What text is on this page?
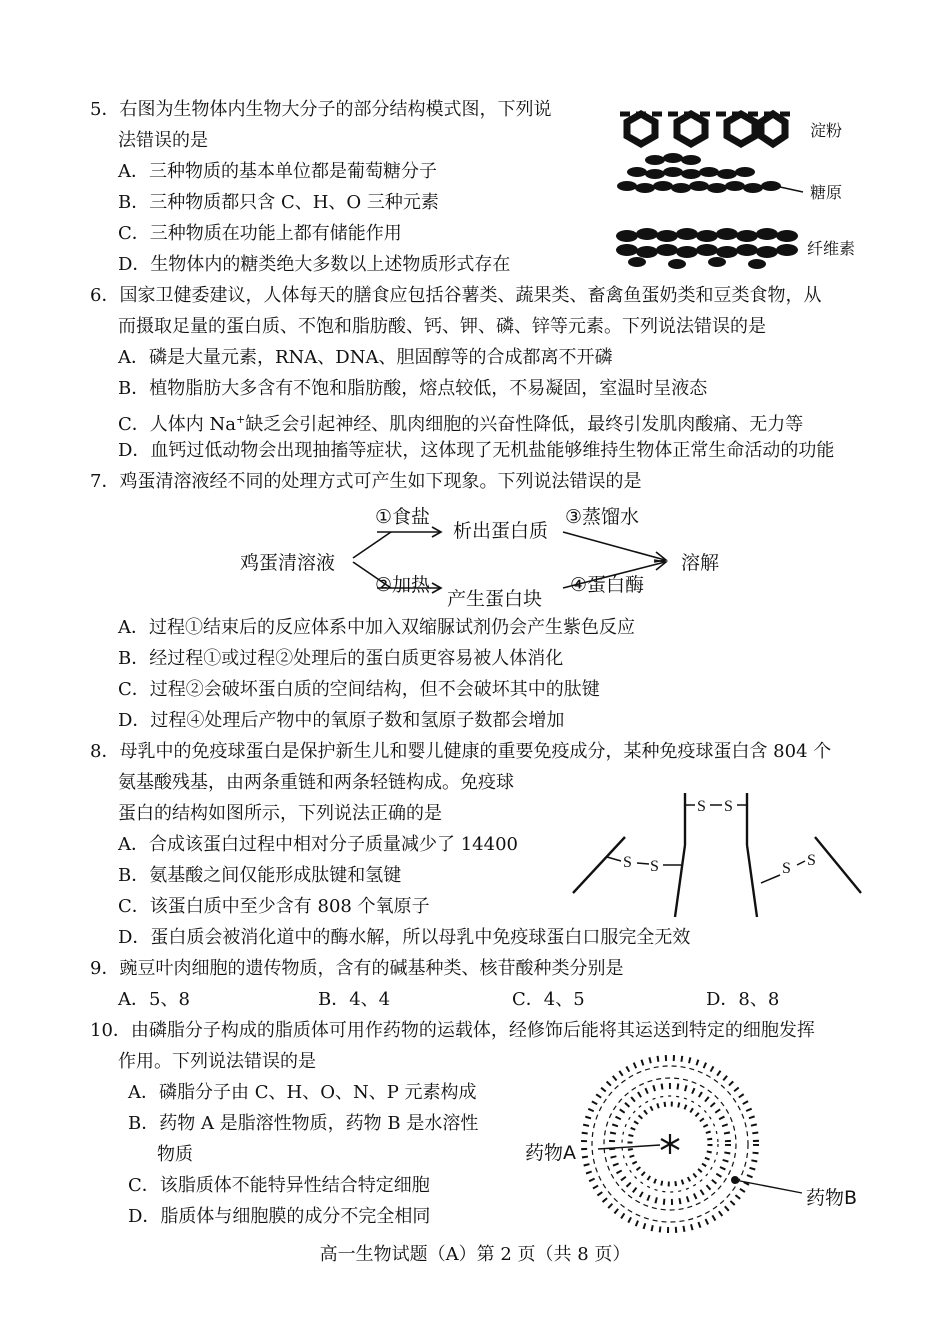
5．右图为生物体内生物大分子的部分结构模式图，下列说
法错误的是
A．三种物质的基本单位都是葡萄糖分子
B．三种物质都只含 C、H、O 三种元素
C．三种物质在功能上都有储能作用
D．生物体内的糖类绝大多数以上述物质形式存在
淀粉
糖原
纤维素
6．国家卫健委建议，人体每天的膳食应包括谷薯类、蔬果类、畜禽鱼蛋奶类和豆类食物，从
而摄取足量的蛋白质、不饱和脂肪酸、钙、钾、磷、锌等元素。下列说法错误的是
A．磷是大量元素，RNA、DNA、胆固醇等的合成都离不开磷
B．植物脂肪大多含有不饱和脂肪酸，熔点较低，不易凝固，室温时呈液态
C．人体内 Na+缺乏会引起神经、肌肉细胞的兴奋性降低，最终引发肌肉酸痛、无力等
D．血钙过低动物会出现抽搐等症状，这体现了无机盐能够维持生物体正常生命活动的功能
7．鸡蛋清溶液经不同的处理方式可产生如下现象。下列说法错误的是
鸡蛋清溶液
①食盐
析出蛋白质
③蒸馏水
②加热
产生蛋白块
④蛋白酶
溶解
A．过程①结束后的反应体系中加入双缩脲试剂仍会产生紫色反应
B．经过程①或过程②处理后的蛋白质更容易被人体消化
C．过程②会破坏蛋白质的空间结构，但不会破坏其中的肽键
D．过程④处理后产物中的氧原子数和氢原子数都会增加
8．母乳中的免疫球蛋白是保护新生儿和婴儿健康的重要免疫成分，某种免疫球蛋白含 804 个
氨基酸残基，由两条重链和两条轻链构成。免疫球
蛋白的结构如图所示，下列说法正确的是
A．合成该蛋白过程中相对分子质量减少了 14400
B．氨基酸之间仅能形成肽键和氢键
C．该蛋白质中至少含有 808 个氧原子
D．蛋白质会被消化道中的酶水解，所以母乳中免疫球蛋白口服完全无效
S S
S S	S S
9．豌豆叶肉细胞的遗传物质，含有的碱基种类、核苷酸种类分别是
A．5、8	B．4、4	C．4、5	D．8、8
10．由磷脂分子构成的脂质体可用作药物的运载体，经修饰后能将其运送到特定的细胞发挥
作用。下列说法错误的是
A．磷脂分子由 C、H、O、N、P 元素构成
B．药物 A 是脂溶性物质，药物 B 是水溶性
物质
C．该脂质体不能特异性结合特定细胞
D．脂质体与细胞膜的成分不完全相同
药物A
药物B
高一生物试题（A）第 2 页（共 8 页）
